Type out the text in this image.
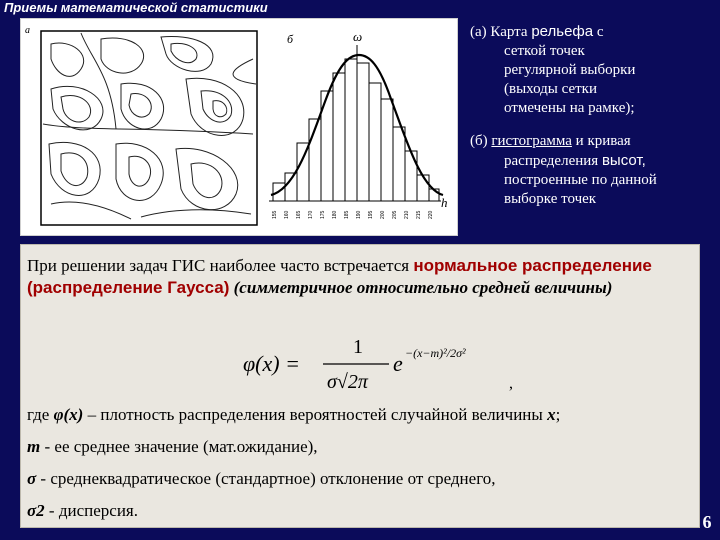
Приемы математической статистики
а
б	ω
h
155 160 165 170 175 180 185 190 195 200 205 210 215 220
(а) Карта рельефа с
сеткой точек
регулярной выборки
(выходы сетки
отмечены на рамке);
(б) гистограмма и кривая
распределения высот,
построенные по данной
выборке точек
При решении задач ГИС наиболее часто встречается нормальное распределение (распределение Гаусса) (симметричное относительно средней величины)
φ(x) =
1
σ√2π
e −(x−m)²/2σ²
,
где φ(x) – плотность распределения вероятностей случайной величины x;
m - ее среднее значение (мат.ожидание),
σ - среднеквадратическое (стандартное) отклонение от среднего,
σ2 - дисперсия.
6
